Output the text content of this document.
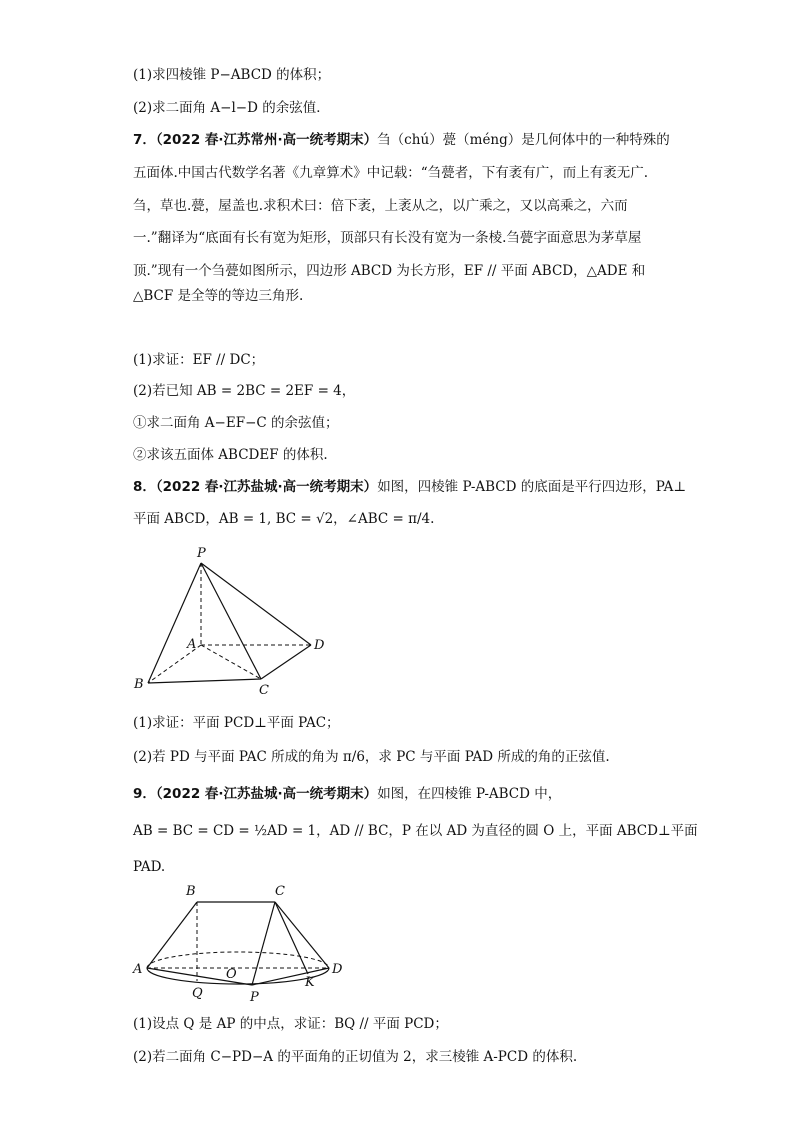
(1)求四棱锥 P−ABCD 的体积；
(2)求二面角 A−l−D 的余弦值．
7．（2022 春·江苏常州·高一统考期末）刍（chú）甍（méng）是几何体中的一种特殊的
五面体.中国古代数学名著《九章算术》中记载：“刍甍者，下有袤有广，而上有袤无广.
刍，草也.甍，屋盖也.求积术曰：倍下袤，上袤从之，以广乘之，又以高乘之，六而
一.”翻译为“底面有长有宽为矩形，顶部只有长没有宽为一条棱.刍甍字面意思为茅草屋
顶.”现有一个刍甍如图所示，四边形 ABCD 为长方形，EF // 平面 ABCD，△ADE 和
△BCF 是全等的等边三角形.
(1)求证：EF // DC；
(2)若已知 AB = 2BC = 2EF = 4，
①求二面角 A−EF−C 的余弦值；
②求该五面体 ABCDEF 的体积.
8．（2022 春·江苏盐城·高一统考期末）如图，四棱锥 P-ABCD 的底面是平行四边形，PA⊥
平面 ABCD，AB = 1, BC = √2，∠ABC = π/4.
P
A
B	C
D
(1)求证：平面 PCD⊥平面 PAC；
(2)若 PD 与平面 PAC 所成的角为 π/6，求 PC 与平面 PAD 所成的角的正弦值.
9．（2022 春·江苏盐城·高一统考期末）如图，在四棱锥 P-ABCD 中，
AB = BC = CD = ½AD = 1，AD // BC，P 在以 AD 为直径的圆 O 上，平面 ABCD⊥平面
PAD.
B	C
A	D
O
Q	P
K
(1)设点 Q 是 AP 的中点，求证：BQ // 平面 PCD；
(2)若二面角 C−PD−A 的平面角的正切值为 2，求三棱锥 A-PCD 的体积.
